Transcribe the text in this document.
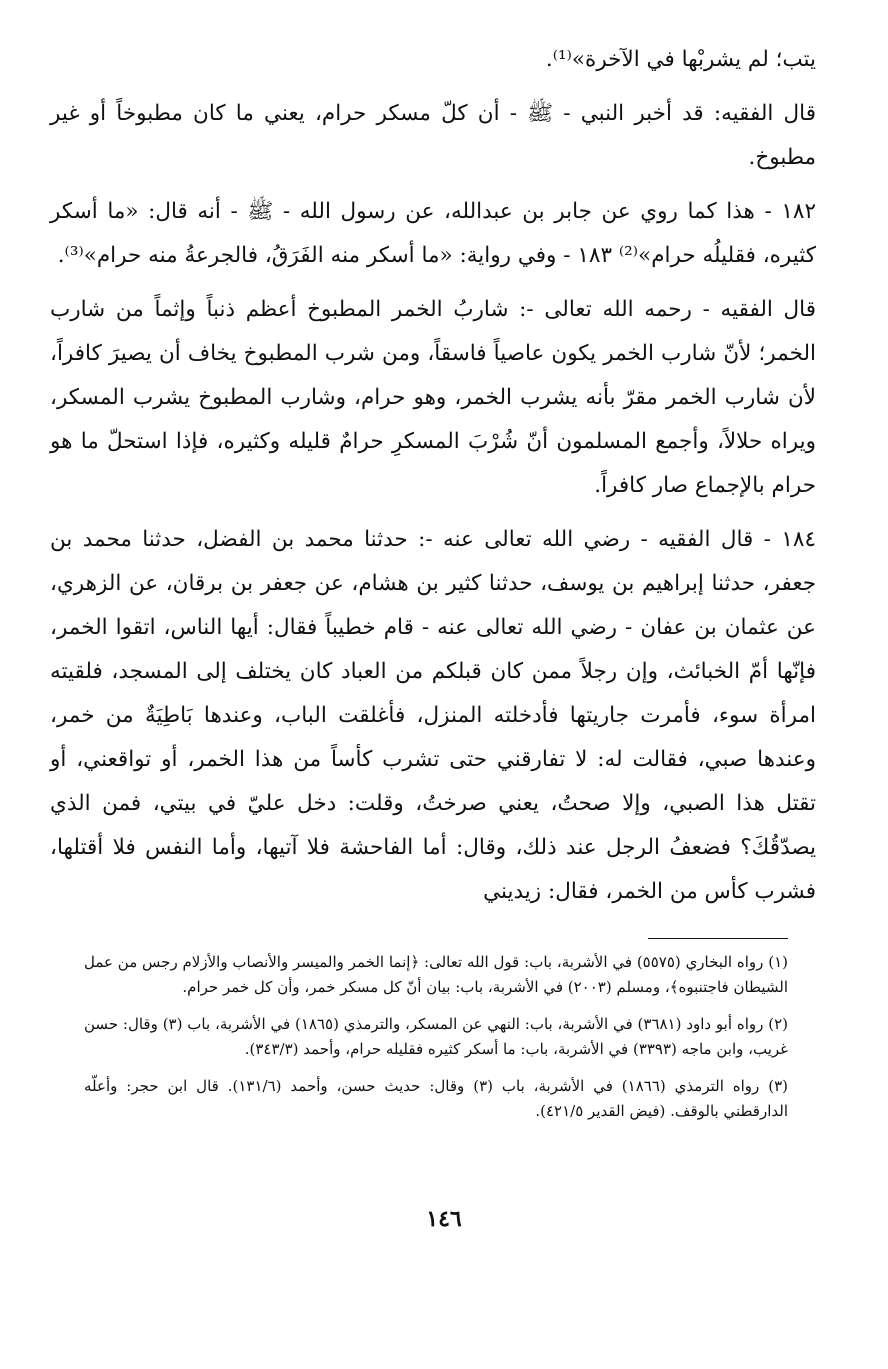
يتب؛ لم يشربْها في الآخرة»⁽¹⁾.

قال الفقيه: قد أخبر النبي - ﷺ - أن كلّ مسكر حرام، يعني ما كان مطبوخاً أو غير مطبوخ.

١٨٢ - هذا كما روي عن جابر بن عبدالله، عن رسول الله - ﷺ - أنه قال: «ما أسكر كثيره، فقليلُه حرام»⁽²⁾ ١٨٣ - وفي رواية: «ما أسكر منه الفَرَقُ، فالجرعةُ منه حرام»⁽³⁾.

قال الفقيه - رحمه الله تعالى -: شاربُ الخمر المطبوخ أعظم ذنباً وإثماً من شارب الخمر؛ لأنّ شارب الخمر يكون عاصياً فاسقاً، ومن شرب المطبوخ يخاف أن يصيرَ كافراً، لأن شارب الخمر مقرّ بأنه يشرب الخمر، وهو حرام، وشارب المطبوخ يشرب المسكر، ويراه حلالاً، وأجمع المسلمون أنّ شُرْبَ المسكرِ حرامٌ قليله وكثيره، فإذا استحلّ ما هو حرام بالإجماع صار كافراً.

١٨٤ - قال الفقيه - رضي الله تعالى عنه -: حدثنا محمد بن الفضل، حدثنا محمد بن جعفر، حدثنا إبراهيم بن يوسف، حدثنا كثير بن هشام، عن جعفر بن برقان، عن الزهري، عن عثمان بن عفان - رضي الله تعالى عنه - قام خطيباً فقال: أيها الناس، اتقوا الخمر، فإنّها أمّ الخبائث، وإن رجلاً ممن كان قبلكم من العباد كان يختلف إلى المسجد، فلقيته امرأة سوء، فأمرت جاريتها فأدخلته المنزل، فأغلقت الباب، وعندها بَاطِيَةٌ من خمر، وعندها صبي، فقالت له: لا تفارقني حتى تشرب كأساً من هذا الخمر، أو تواقعني، أو تقتل هذا الصبي، وإلا صحتُ، يعني صرختُ، وقلت: دخل عليّ في بيتي، فمن الذي يصدّقُكَ؟ فضعفُ الرجل عند ذلك، وقال: أما الفاحشة فلا آتيها، وأما النفس فلا أقتلها، فشرب كأس من الخمر، فقال: زيديني

(١) رواه البخاري (٥٥٧٥) في الأشربة، باب: قول الله تعالى: ﴿إنما الخمر والميسر والأنصاب والأزلام رجس من عمل الشيطان فاجتنبوه﴾، ومسلم (٢٠٠٣) في الأشربة، باب: بيان أنّ كل مسكر خمر، وأن كل خمر حرام.

(٢) رواه أبو داود (٣٦٨١) في الأشربة، باب: النهي عن المسكر، والترمذي (١٨٦٥) في الأشربة، باب (٣) وقال: حسن غريب، وابن ماجه (٣٣٩٣) في الأشربة، باب: ما أسكر كثيره فقليله حرام، وأحمد (٣٤٣/٣).

(٣) رواه الترمذي (١٨٦٦) في الأشربة، باب (٣) وقال: حديث حسن، وأحمد (١٣١/٦). قال ابن حجر: وأعلّه الدارقطني بالوقف. (فيض القدير ٤٢١/٥).

١٤٦
